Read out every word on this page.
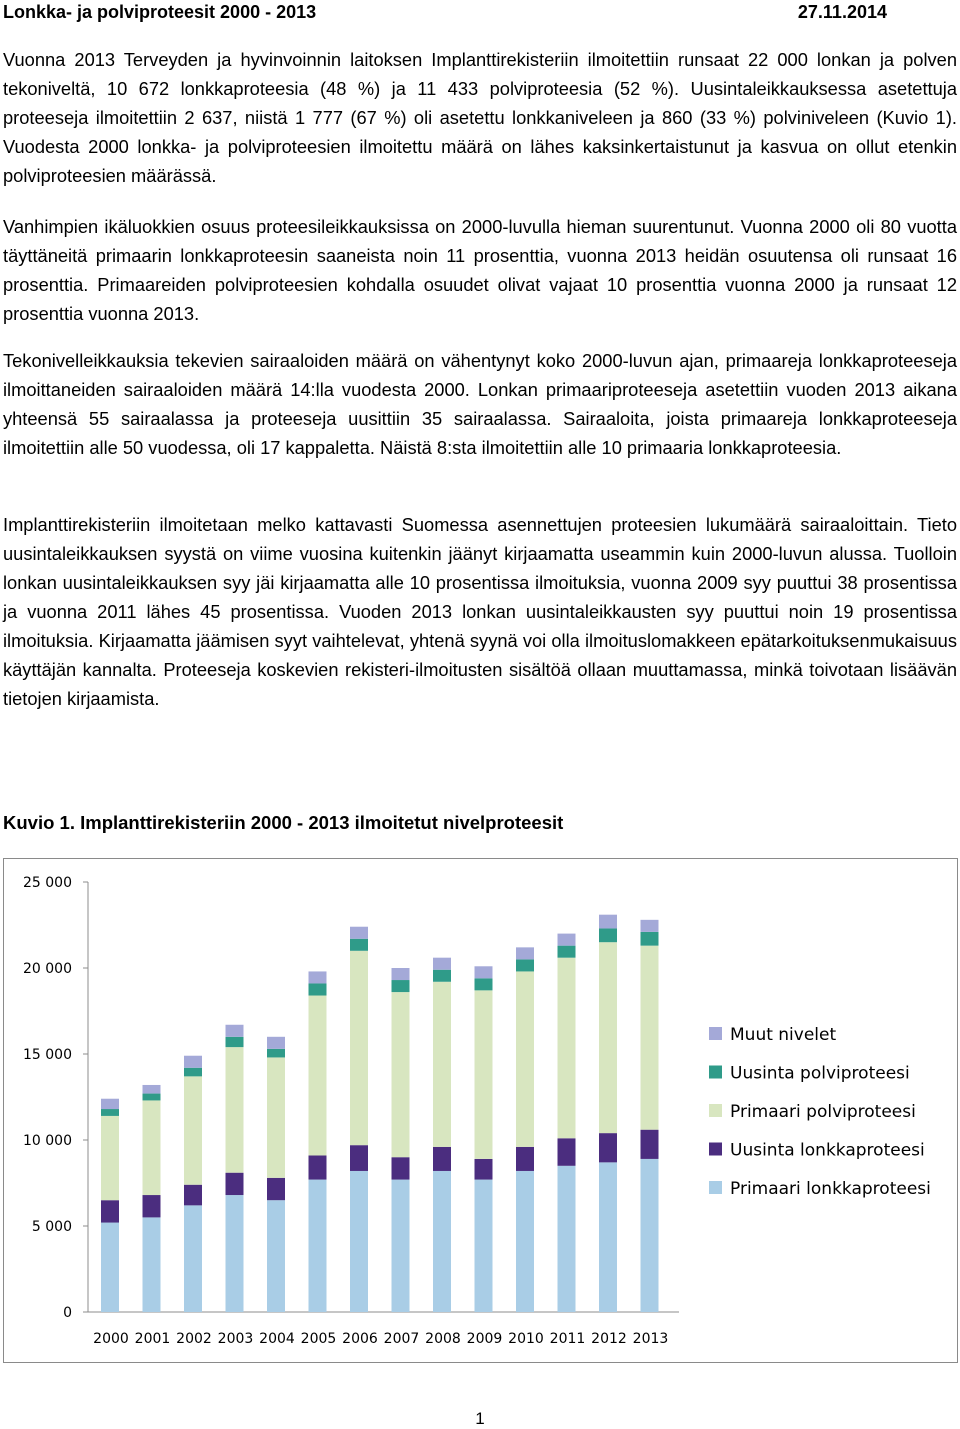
Lonkka- ja polviproteesit 2000 - 2013	27.11.2014

Vuonna 2013 Terveyden ja hyvinvoinnin laitoksen Implanttirekisteriin ilmoitettiin runsaat 22 000 lonkan ja polven tekoniveltä, 10 672 lonkkaproteesia (48 %) ja 11 433 polviproteesia (52 %). Uusintaleikkauksessa asetettuja proteeseja ilmoitettiin 2 637, niistä 1 777 (67 %) oli asetettu lonkkaniveleen ja 860 (33 %) polviniveleen (Kuvio 1). Vuodesta 2000 lonkka- ja polviproteesien ilmoitettu määrä on lähes kaksinkertaistunut ja kasvua on ollut etenkin polviproteesien määrässä.

Vanhimpien ikäluokkien osuus proteesileikkauksissa on 2000-luvulla hieman suurentunut. Vuonna 2000 oli 80 vuotta täyttäneitä primaarin lonkkaproteesin saaneista noin 11 prosenttia, vuonna 2013 heidän osuutensa oli runsaat 16 prosenttia. Primaareiden polviproteesien kohdalla osuudet olivat vajaat 10 prosenttia vuonna 2000 ja runsaat 12 prosenttia vuonna 2013.

Tekonivelleikkauksia tekevien sairaaloiden määrä on vähentynyt koko 2000-luvun ajan, primaareja lonkkaproteeseja ilmoittaneiden sairaaloiden määrä 14:lla vuodesta 2000. Lonkan primaariproteeseja asetettiin vuoden 2013 aikana yhteensä 55 sairaalassa ja proteeseja uusittiin 35 sairaalassa. Sairaaloita, joista primaareja lonkkaproteeseja ilmoitettiin alle 50 vuodessa, oli 17 kappaletta. Näistä 8:sta ilmoitettiin alle 10 primaaria lonkkaproteesia.

Implanttirekisteriin ilmoitetaan melko kattavasti Suomessa asennettujen proteesien lukumäärä sairaaloittain. Tieto uusintaleikkauksen syystä on viime vuosina kuitenkin jäänyt kirjaamatta useammin kuin 2000-luvun alussa. Tuolloin lonkan uusintaleikkauksen syy jäi kirjaamatta alle 10 prosentissa ilmoituksia, vuonna 2009 syy puuttui 38 prosentissa ja vuonna 2011 lähes 45 prosentissa. Vuoden 2013 lonkan uusintaleikkausten syy puuttui noin 19 prosentissa ilmoituksia. Kirjaamatta jäämisen syyt vaihtelevat, yhtenä syynä voi olla ilmoituslomakkeen epätarkoituksenmukaisuus käyttäjän kannalta. Proteeseja koskevien rekisteri-ilmoitusten sisältöä ollaan muuttamassa, minkä toivotaan lisäävän tietojen kirjaamista.

Kuvio 1. Implanttirekisteriin 2000 - 2013 ilmoitetut nivelproteesit
0
5 000
10 000
15 000
20 000
25 000
2000 2001 2002 2003 2004 2005 2006 2007 2008 2009 2010 2011 2012 2013
Muut nivelet
Uusinta polviproteesi
Primaari polviproteesi
Uusinta lonkkaproteesi
Primaari lonkkaproteesi
1
